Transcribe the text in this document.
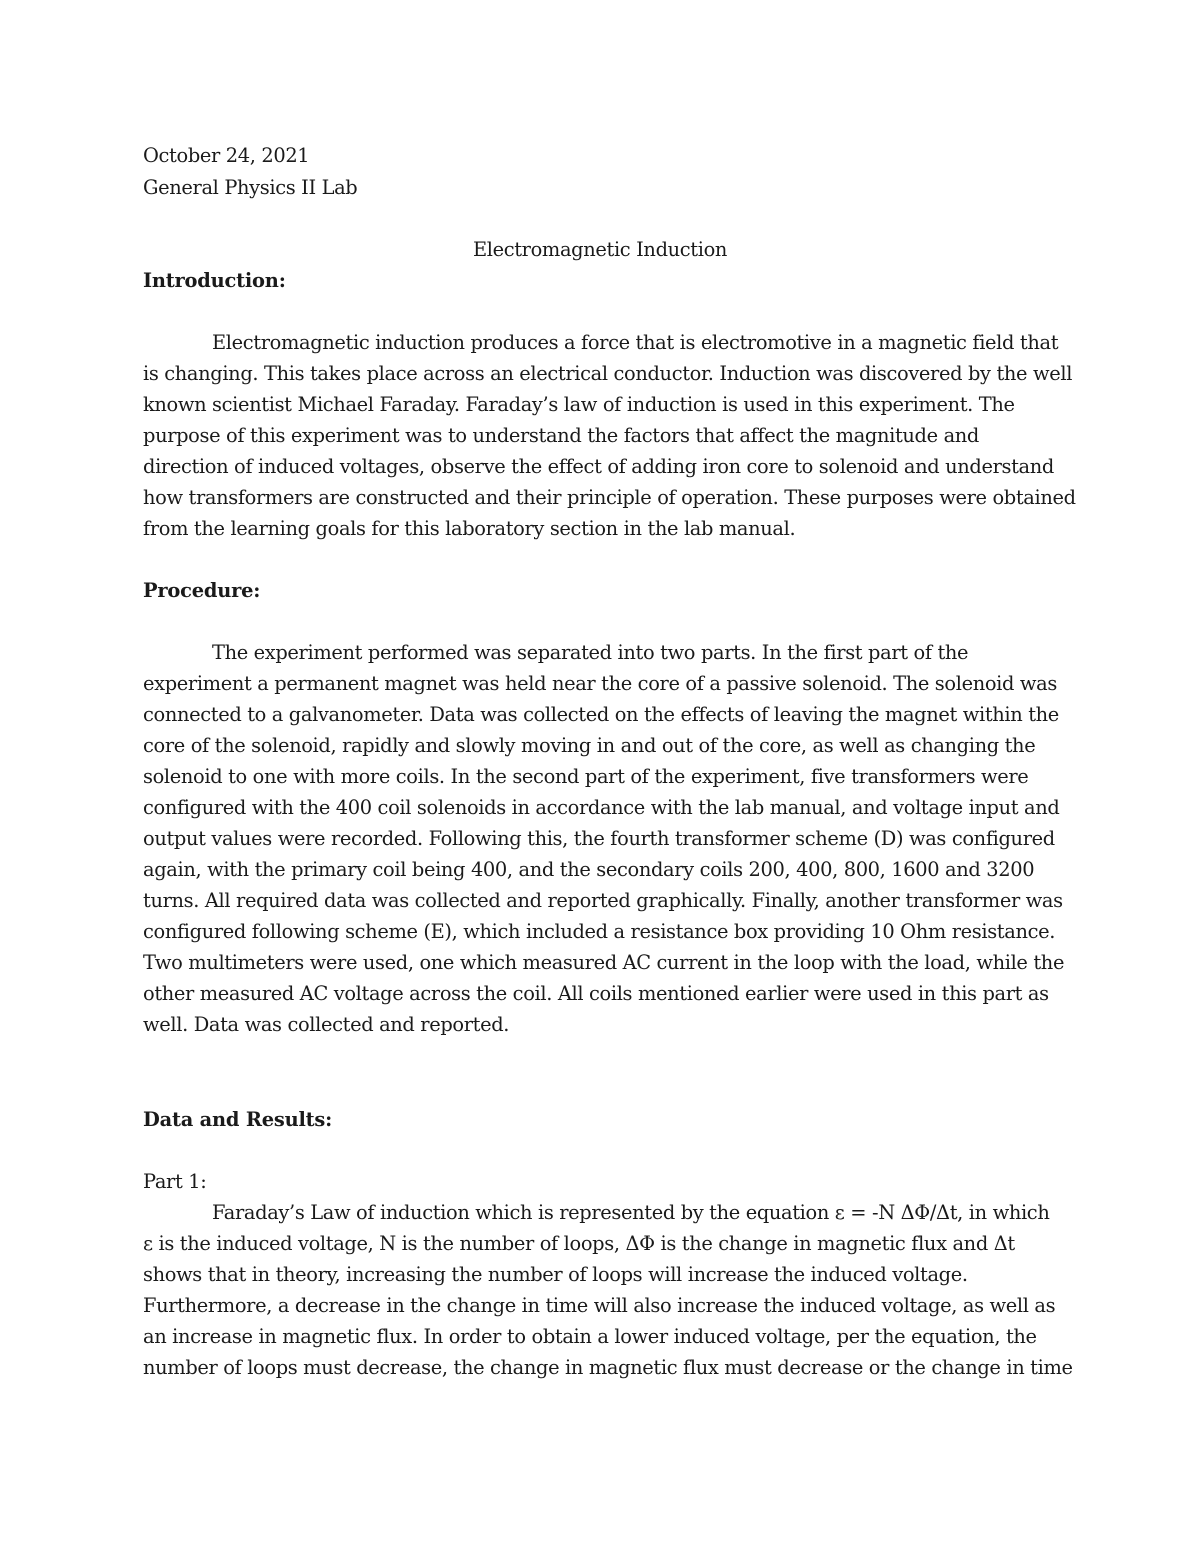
October 24, 2021

General Physics II Lab

Electromagnetic Induction

Introduction:

Electromagnetic induction produces a force that is electromotive in a magnetic field that

is changing. This takes place across an electrical conductor. Induction was discovered by the well

known scientist Michael Faraday. Faraday’s law of induction is used in this experiment. The

purpose of this experiment was to understand the factors that affect the magnitude and

direction of induced voltages, observe the effect of adding iron core to solenoid and understand

how transformers are constructed and their principle of operation. These purposes were obtained

from the learning goals for this laboratory section in the lab manual.

Procedure:

The experiment performed was separated into two parts. In the first part of the

experiment a permanent magnet was held near the core of a passive solenoid. The solenoid was

connected to a galvanometer. Data was collected on the effects of leaving the magnet within the

core of the solenoid, rapidly and slowly moving in and out of the core, as well as changing the

solenoid to one with more coils. In the second part of the experiment, five transformers were

configured with the 400 coil solenoids in accordance with the lab manual, and voltage input and

output values were recorded. Following this, the fourth transformer scheme (D) was configured

again, with the primary coil being 400, and the secondary coils 200, 400, 800, 1600 and 3200

turns. All required data was collected and reported graphically. Finally, another transformer was

configured following scheme (E), which included a resistance box providing 10 Ohm resistance.

Two multimeters were used, one which measured AC current in the loop with the load, while the

other measured AC voltage across the coil. All coils mentioned earlier were used in this part as

well. Data was collected and reported.

Data and Results:

Part 1:

Faraday’s Law of induction which is represented by the equation ε = -N ΔΦ/Δt, in which

ε is the induced voltage, N is the number of loops, ΔΦ is the change in magnetic flux and Δt

shows that in theory, increasing the number of loops will increase the induced voltage.

Furthermore, a decrease in the change in time will also increase the induced voltage, as well as

an increase in magnetic flux. In order to obtain a lower induced voltage, per the equation, the

number of loops must decrease, the change in magnetic flux must decrease or the change in time
